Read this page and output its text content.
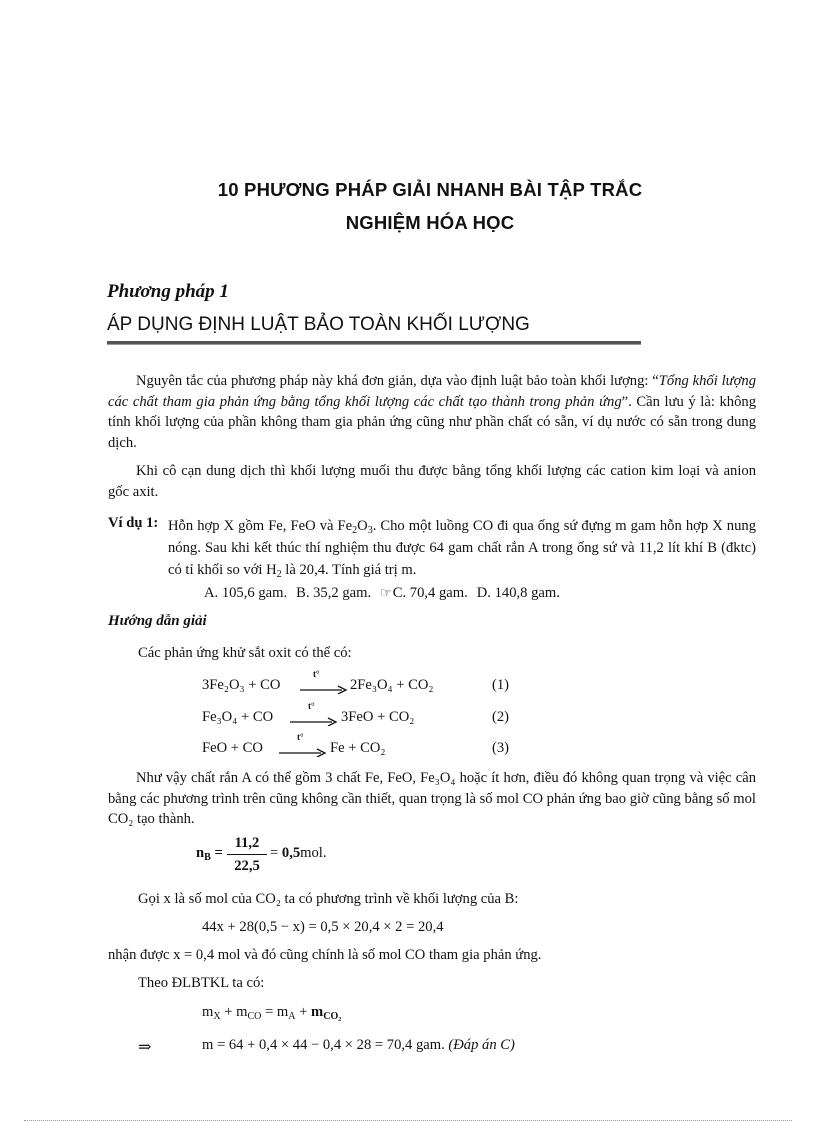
10 PHƯƠNG PHÁP GIẢI NHANH BÀI TẬP TRẮC
NGHIỆM HÓA HỌC
Phương pháp 1
ÁP DỤNG ĐỊNH LUẬT BẢO TOÀN KHỐI LƯỢNG

Nguyên tắc của phương pháp này khá đơn giản, dựa vào định luật bảo toàn khối lượng: “Tổng khối lượng các chất tham gia phản ứng bằng tổng khối lượng các chất tạo thành trong phản ứng”. Cần lưu ý là: không tính khối lượng của phần không tham gia phản ứng cũng như phần chất có sẵn, ví dụ nước có sẵn trong dung dịch.

Khi cô cạn dung dịch thì khối lượng muối thu được bằng tổng khối lượng các cation kim loại và anion gốc axit.

Ví dụ 1: Hỗn hợp X gồm Fe, FeO và $Fe_2O_3$. Cho một luồng CO đi qua ống sứ đựng m gam hỗn hợp X nung nóng. Sau khi kết thúc thí nghiệm thu được 64 gam chất rắn A trong ống sứ và 11,2 lít khí B (đktc) có tỉ khối so với $H_2$ là 20,4. Tính giá trị m.

A. 105,6 gam. B. 35,2 gam. ☞C. 70,4 gam. D. 140,8 gam.
Hướng dẫn giải
Các phản ứng khử sắt oxit có thể có:
3Fe₂O₃ + CO →
t°
2Fe₃O₄ + CO₂	(1)
Fe₃O₄ + CO →
t°
3FeO + CO₂	(2)
FeO + CO →
t°
Fe + CO₂	(3)

Như vậy chất rắn A có thể gồm 3 chất Fe, FeO, Fe₃O₄ hoặc ít hơn, điều đó không quan trọng và việc cân bằng các phương trình trên cũng không cần thiết, quan trọng là số mol CO phản ứng bao giờ cũng bằng số mol CO₂ tạo thành.

$n_B = \frac{11,2}{22,5} = 0,5mol$.
Gọi x là số mol của CO₂ ta có phương trình về khối lượng của B:
44x + 28(0,5 − x) = 0,5 × 20,4 × 2 = 20,4
nhận được x = 0,4 mol và đó cũng chính là số mol CO tham gia phản ứng.
Theo ĐLBTKL ta có:
$m_X + m_{CO} = m_A + m_{CO_2}$
⇒	m = 64 + 0,4 × 44 − 0,4 × 28 = 70,4 gam. (Đáp án C)
